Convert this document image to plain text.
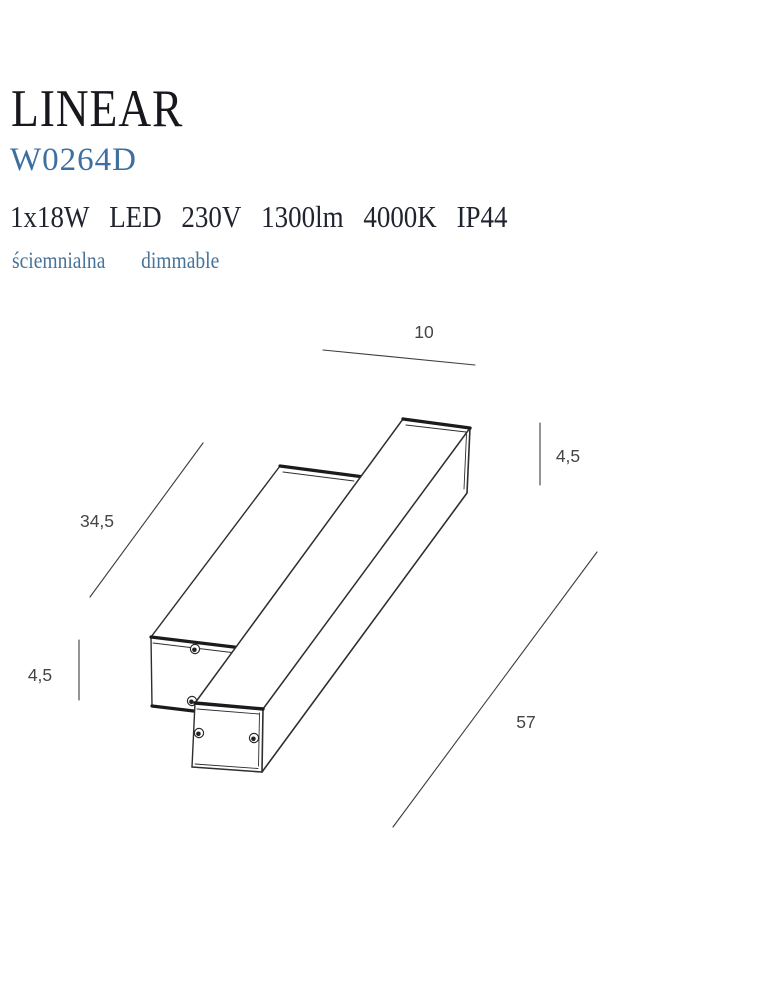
LINEAR
W0264D
1x18W LED 230V 1300lm 4000K IP44
ściemnialna dimmable
10
4,5
34,5
4,5
57
